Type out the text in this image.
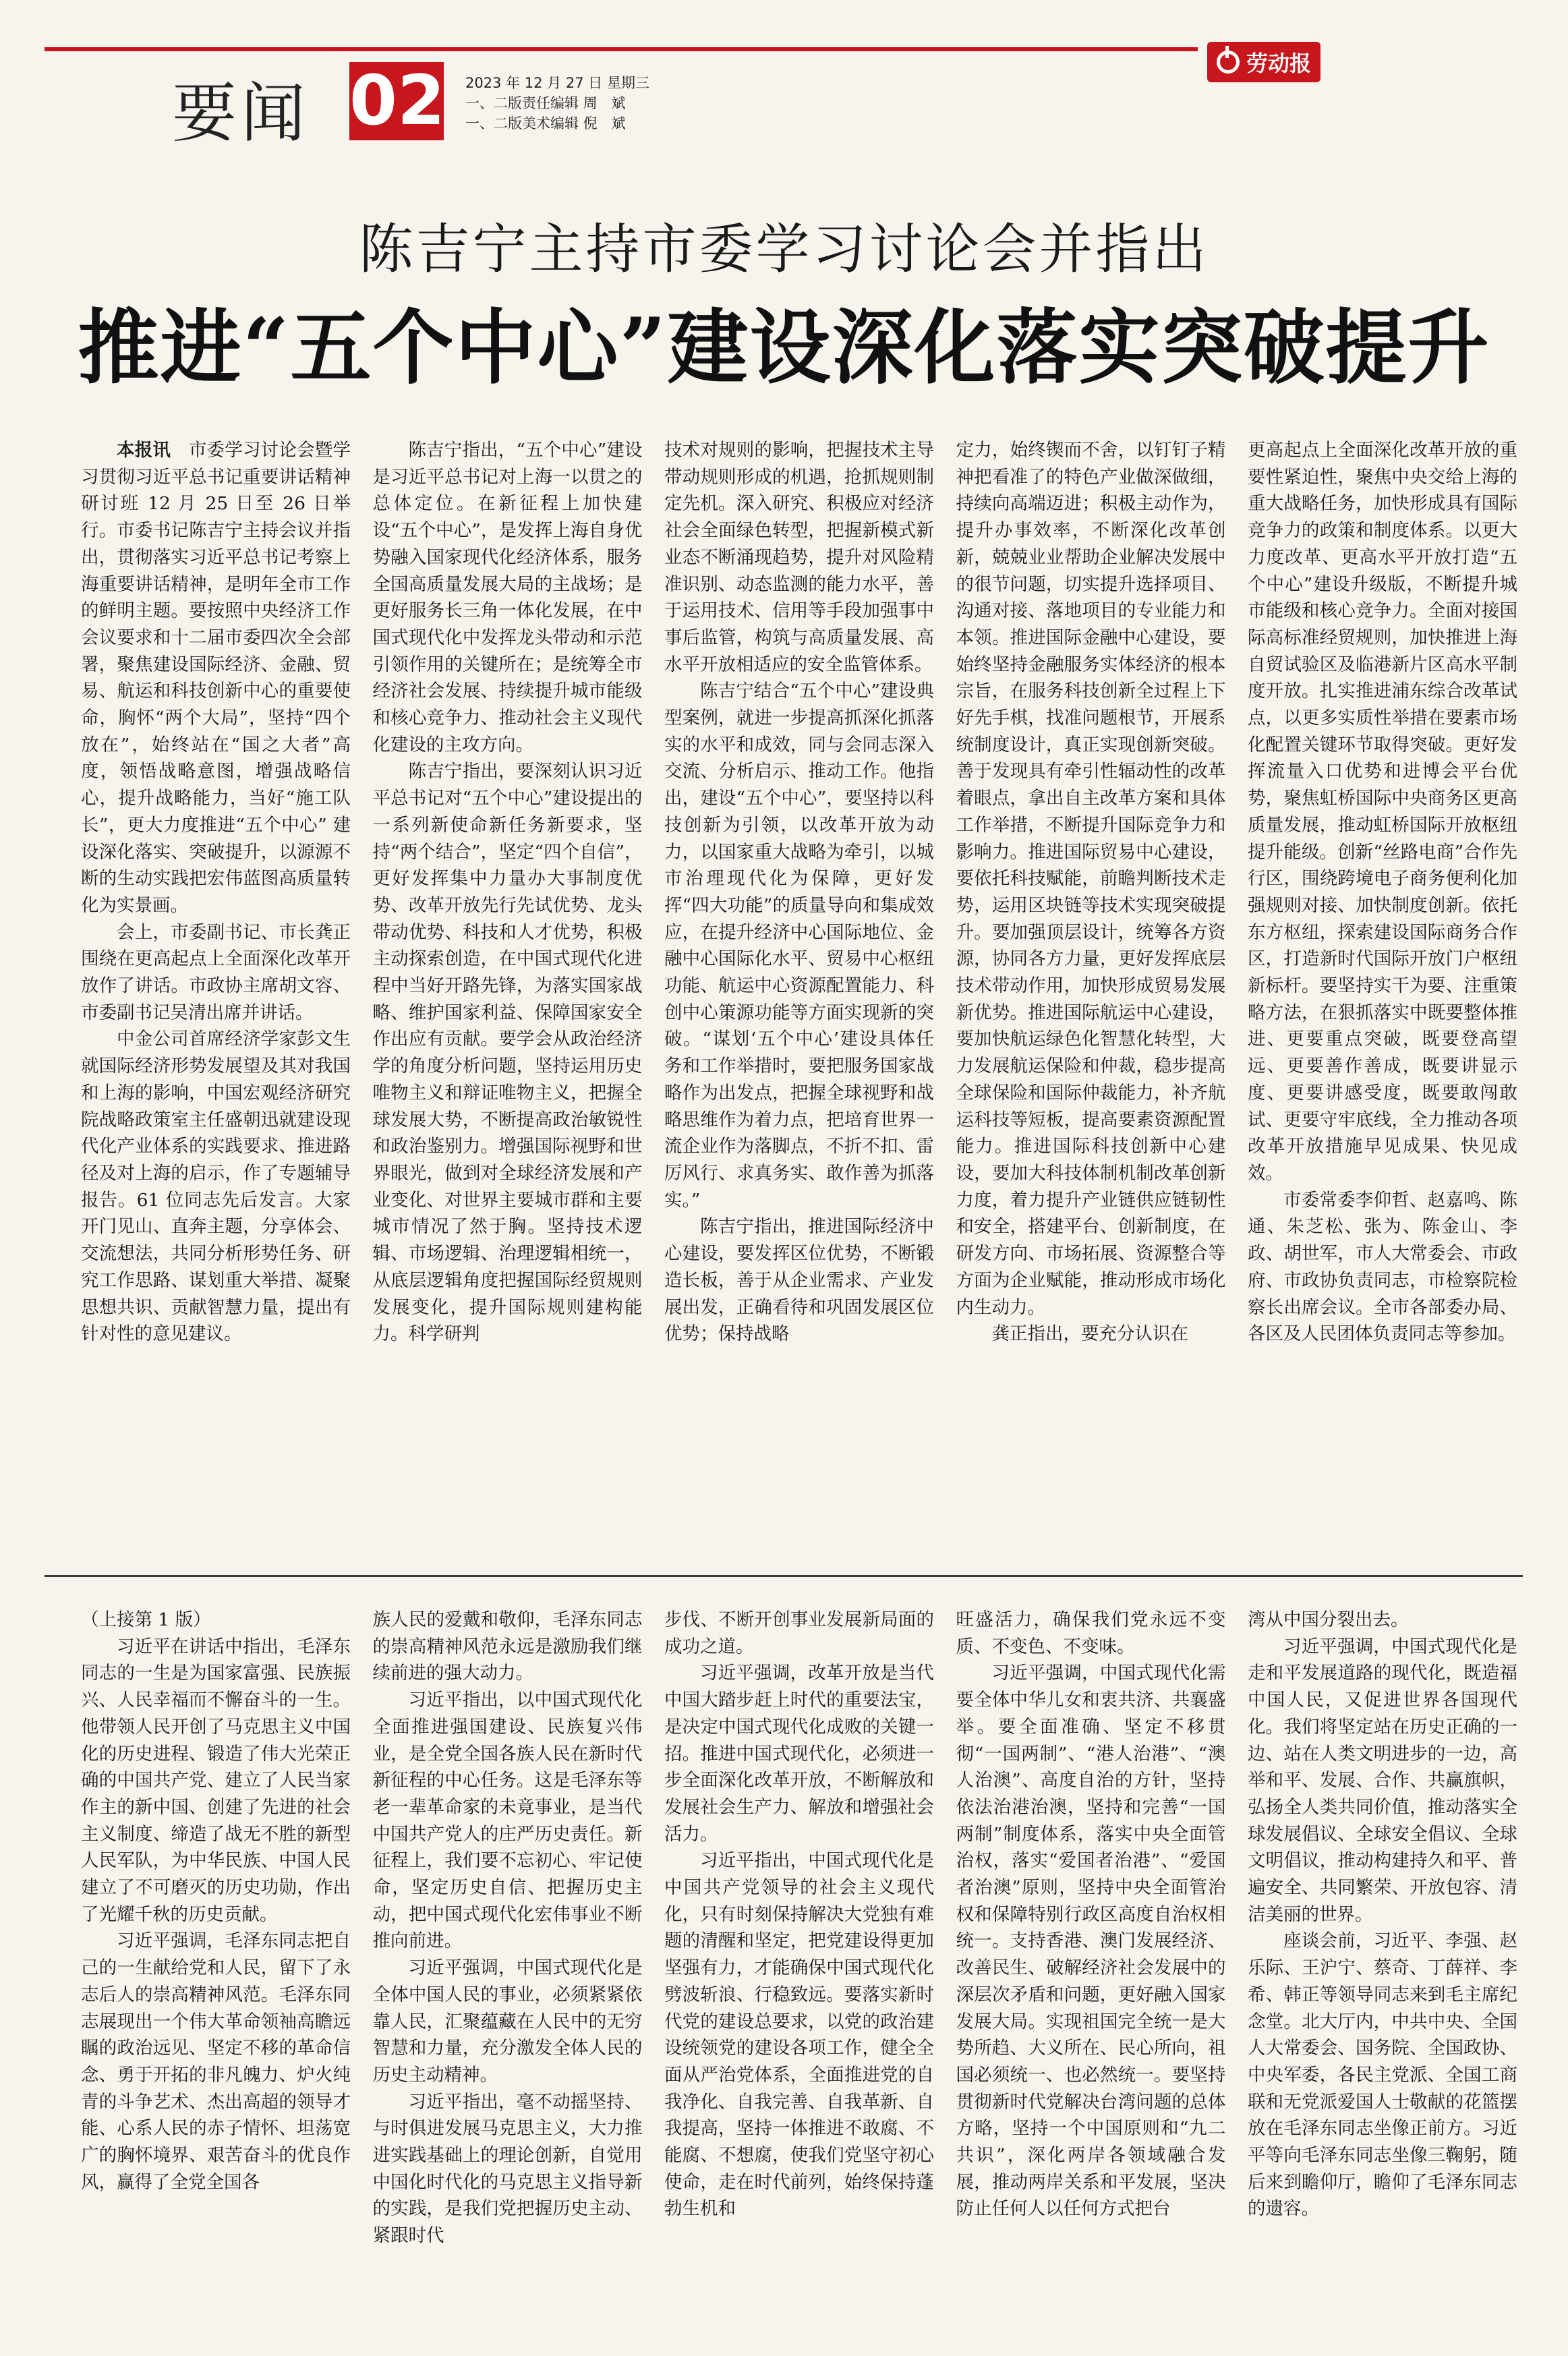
要闻 02 2023 年 12 月 27 日 星期三
一、二版责任编辑 周　斌
一、二版美术编辑 倪　斌
劳动报
陈吉宁主持市委学习讨论会并指出
推进“五个中心”建设深化落实突破提升

本报讯　 市委学习讨论会暨学习贯彻习近平总书记重要讲话精神研讨班 12 月 25 日至 26 日举行。市委书记陈吉宁主持会议并指出，贯彻落实习近平总书记考察上海重要讲话精神，是明年全市工作的鲜明主题。要按照中央经济工作会议要求和十二届市委四次全会部署，聚焦建设国际经济、金融、贸易、航运和科技创新中心的重要使命，胸怀“两个大局”，坚持“四个放在”，始终站在“国之大者”高度，领悟战略意图，增强战略信心，提升战略能力，当好“施工队长”，更大力度推进“五个中心” 建设深化落实、突破提升，以源源不断的生动实践把宏伟蓝图高质量转化为实景画。

会上，市委副书记、市长龚正围绕在更高起点上全面深化改革开放作了讲话。市政协主席胡文容、市委副书记吴清出席并讲话。

中金公司首席经济学家彭文生就国际经济形势发展望及其对我国和上海的影响，中国宏观经济研究院战略政策室主任盛朝迅就建设现代化产业体系的实践要求、推进路径及对上海的启示，作了专题辅导报告。61 位同志先后发言。大家开门见山、直奔主题，分享体会、交流想法，共同分析形势任务、研究工作思路、谋划重大举措、凝聚思想共识、贡献智慧力量，提出有针对性的意见建议。

陈吉宁指出，“五个中心”建设是习近平总书记对上海一以贯之的总体定位。在新征程上加快建设“五个中心”，是发挥上海自身优势融入国家现代化经济体系，服务全国高质量发展大局的主战场；是更好服务长三角一体化发展，在中国式现代化中发挥龙头带动和示范引领作用的关键所在；是统筹全市经济社会发展、持续提升城市能级和核心竞争力、推动社会主义现代化建设的主攻方向。

陈吉宁指出，要深刻认识习近平总书记对“五个中心”建设提出的一系列新使命新任务新要求，坚持“两个结合”，坚定“四个自信”，更好发挥集中力量办大事制度优势、改革开放先行先试优势、龙头带动优势、科技和人才优势，积极主动探索创造，在中国式现代化进程中当好开路先锋，为落实国家战略、维护国家利益、保障国家安全作出应有贡献。要学会从政治经济学的角度分析问题，坚持运用历史唯物主义和辩证唯物主义，把握全球发展大势，不断提高政治敏锐性和政治鉴别力。增强国际视野和世界眼光，做到对全球经济发展和产业变化、对世界主要城市群和主要城市情况了然于胸。坚持技术逻辑、市场逻辑、治理逻辑相统一，从底层逻辑角度把握国际经贸规则发展变化，提升国际规则建构能力。科学研判

技术对规则的影响，把握技术主导带动规则形成的机遇，抢抓规则制定先机。深入研究、积极应对经济社会全面绿色转型，把握新模式新业态不断涌现趋势，提升对风险精准识别、动态监测的能力水平，善于运用技术、信用等手段加强事中事后监管，构筑与高质量发展、高水平开放相适应的安全监管体系。

陈吉宁结合“五个中心”建设典型案例，就进一步提高抓深化抓落实的水平和成效，同与会同志深入交流、分析启示、推动工作。他指出，建设“五个中心”，要坚持以科技创新为引领，以改革开放为动力，以国家重大战略为牵引，以城市治理现代化为保障，更好发挥“四大功能”的质量导向和集成效应，在提升经济中心国际地位、金融中心国际化水平、贸易中心枢纽功能、航运中心资源配置能力、科创中心策源功能等方面实现新的突破。“谋划‘五个中心’建设具体任务和工作举措时，要把服务国家战略作为出发点，把握全球视野和战略思维作为着力点，把培育世界一流企业作为落脚点，不折不扣、雷厉风行、求真务实、敢作善为抓落实。”

陈吉宁指出，推进国际经济中心建设，要发挥区位优势，不断锻造长板，善于从企业需求、产业发展出发，正确看待和巩固发展区位优势；保持战略

定力，始终锲而不舍，以钉钉子精神把看准了的特色产业做深做细，持续向高端迈进；积极主动作为，提升办事效率，不断深化改革创新，兢兢业业帮助企业解决发展中的很节问题，切实提升选择项目、沟通对接、落地项目的专业能力和本领。推进国际金融中心建设，要始终坚持金融服务实体经济的根本宗旨，在服务科技创新全过程上下好先手棋，找准问题根节，开展系统制度设计，真正实现创新突破。善于发现具有牵引性辐动性的改革着眼点，拿出自主改革方案和具体工作举措，不断提升国际竞争力和影响力。推进国际贸易中心建设，要依托科技赋能，前瞻判断技术走势，运用区块链等技术实现突破提升。要加强顶层设计，统筹各方资源，协同各方力量，更好发挥底层技术带动作用，加快形成贸易发展新优势。推进国际航运中心建设，要加快航运绿色化智慧化转型，大力发展航运保险和仲裁，稳步提高全球保险和国际仲裁能力，补齐航运科技等短板，提高要素资源配置能力。推进国际科技创新中心建设，要加大科技体制机制改革创新力度，着力提升产业链供应链韧性和安全，搭建平台、创新制度，在研发方向、市场拓展、资源整合等方面为企业赋能，推动形成市场化内生动力。

龚正指出，要充分认识在

更高起点上全面深化改革开放的重要性紧迫性，聚焦中央交给上海的重大战略任务，加快形成具有国际竞争力的政策和制度体系。以更大力度改革、更高水平开放打造“五个中心”建设升级版，不断提升城市能级和核心竞争力。全面对接国际高标准经贸规则，加快推进上海自贸试验区及临港新片区高水平制度开放。扎实推进浦东综合改革试点，以更多实质性举措在要素市场化配置关键环节取得突破。更好发挥流量入口优势和进博会平台优势，聚焦虹桥国际中央商务区更高质量发展，推动虹桥国际开放枢纽提升能级。创新“丝路电商”合作先行区，围绕跨境电子商务便利化加强规则对接、加快制度创新。依托东方枢纽，探索建设国际商务合作区，打造新时代国际开放门户枢纽新标杆。要坚持实干为要、注重策略方法，在狠抓落实中既要整体推进、更要重点突破，既要登高望远、更要善作善成，既要讲显示度、更要讲感受度，既要敢闯敢试、更要守牢底线，全力推动各项改革开放措施早见成果、快见成效。

市委常委李仰哲、赵嘉鸣、陈通、朱芝松、张为、陈金山、李政、胡世军，市人大常委会、市政府、市政协负责同志，市检察院检察长出席会议。全市各部委办局、各区及人民团体负责同志等参加。

（上接第 1 版）

习近平在讲话中指出，毛泽东同志的一生是为国家富强、民族振兴、人民幸福而不懈奋斗的一生。他带领人民开创了马克思主义中国化的历史进程、锻造了伟大光荣正确的中国共产党、建立了人民当家作主的新中国、创建了先进的社会主义制度、缔造了战无不胜的新型人民军队，为中华民族、中国人民建立了不可磨灭的历史功勋，作出了光耀千秋的历史贡献。

习近平强调，毛泽东同志把自己的一生献给党和人民，留下了永志后人的崇高精神风范。毛泽东同志展现出一个伟大革命领袖高瞻远瞩的政治远见、坚定不移的革命信念、勇于开拓的非凡魄力、炉火纯青的斗争艺术、杰出高超的领导才能、心系人民的赤子情怀、坦荡宽广的胸怀境界、艰苦奋斗的优良作风，赢得了全党全国各

族人民的爱戴和敬仰，毛泽东同志的崇高精神风范永远是激励我们继续前进的强大动力。

习近平指出，以中国式现代化全面推进强国建设、民族复兴伟业，是全党全国各族人民在新时代新征程的中心任务。这是毛泽东等老一辈革命家的未竟事业，是当代中国共产党人的庄严历史责任。新征程上，我们要不忘初心、牢记使命，坚定历史自信、把握历史主动，把中国式现代化宏伟事业不断推向前进。

习近平强调，中国式现代化是全体中国人民的事业，必须紧紧依靠人民，汇聚蕴藏在人民中的无穷智慧和力量，充分激发全体人民的历史主动精神。

习近平指出，毫不动摇坚持、与时俱进发展马克思主义，大力推进实践基础上的理论创新，自觉用中国化时代化的马克思主义指导新的实践，是我们党把握历史主动、紧跟时代

步伐、不断开创事业发展新局面的成功之道。

习近平强调，改革开放是当代中国大踏步赶上时代的重要法宝，是决定中国式现代化成败的关键一招。推进中国式现代化，必须进一步全面深化改革开放，不断解放和发展社会生产力、解放和增强社会活力。

习近平指出，中国式现代化是中国共产党领导的社会主义现代化，只有时刻保持解决大党独有难题的清醒和坚定，把党建设得更加坚强有力，才能确保中国式现代化劈波斩浪、行稳致远。要落实新时代党的建设总要求，以党的政治建设统领党的建设各项工作，健全全面从严治党体系，全面推进党的自我净化、自我完善、自我革新、自我提高，坚持一体推进不敢腐、不能腐、不想腐，使我们党坚守初心使命，走在时代前列，始终保持蓬勃生机和

旺盛活力，确保我们党永远不变质、不变色、不变味。

习近平强调，中国式现代化需要全体中华儿女和衷共济、共襄盛举。要全面准确、坚定不移贯彻“一国两制”、“港人治港”、“澳人治澳”、高度自治的方针，坚持依法治港治澳，坚持和完善“一国两制”制度体系，落实中央全面管治权，落实“爱国者治港”、“爱国者治澳”原则，坚持中央全面管治权和保障特别行政区高度自治权相统一。支持香港、澳门发展经济、改善民生、破解经济社会发展中的深层次矛盾和问题，更好融入国家发展大局。实现祖国完全统一是大势所趋、大义所在、民心所向，祖国必须统一、也必然统一。要坚持贯彻新时代党解决台湾问题的总体方略，坚持一个中国原则和“九二共识”，深化两岸各领域融合发展，推动两岸关系和平发展，坚决防止任何人以任何方式把台

湾从中国分裂出去。

习近平强调，中国式现代化是走和平发展道路的现代化，既造福中国人民，又促进世界各国现代化。我们将坚定站在历史正确的一边、站在人类文明进步的一边，高举和平、发展、合作、共赢旗帜，弘扬全人类共同价值，推动落实全球发展倡议、全球安全倡议、全球文明倡议，推动构建持久和平、普遍安全、共同繁荣、开放包容、清洁美丽的世界。

座谈会前，习近平、李强、赵乐际、王沪宁、蔡奇、丁薛祥、李希、韩正等领导同志来到毛主席纪念堂。北大厅内，中共中央、全国人大常委会、国务院、全国政协、中央军委，各民主党派、全国工商联和无党派爱国人士敬献的花篮摆放在毛泽东同志坐像正前方。习近平等向毛泽东同志坐像三鞠躬，随后来到瞻仰厅，瞻仰了毛泽东同志的遗容。
